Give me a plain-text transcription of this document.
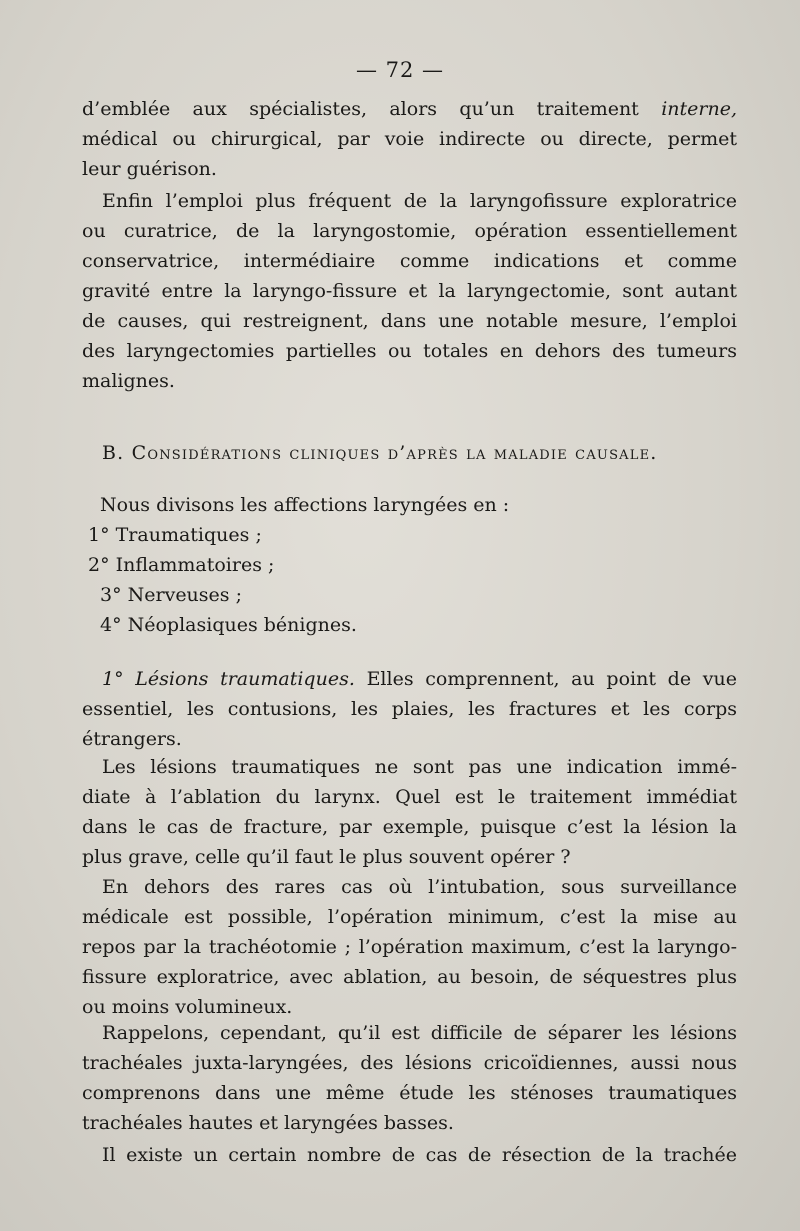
— 72 —
d’emblée aux spécialistes, alors qu’un traitement interne,
médical ou chirurgical, par voie indirecte ou directe, permet
leur guérison.
Enfin l’emploi plus fréquent de la laryngofissure exploratrice
ou curatrice, de la laryngostomie, opération essentiellement
conservatrice, intermédiaire comme indications et comme
gravité entre la laryngo-fissure et la laryngectomie, sont autant
de causes, qui restreignent, dans une notable mesure, l’emploi
des laryngectomies partielles ou totales en dehors des tumeurs
malignes.
B. Considérations cliniques d’après la maladie causale.
Nous divisons les affections laryngées en :
1° Traumatiques ;
2° Inflammatoires ;
3° Nerveuses ;
4° Néoplasiques bénignes.
1° Lésions traumatiques. Elles comprennent, au point de vue
essentiel, les contusions, les plaies, les fractures et les corps
étrangers.
Les lésions traumatiques ne sont pas une indication immé-
diate à l’ablation du larynx. Quel est le traitement immédiat
dans le cas de fracture, par exemple, puisque c’est la lésion la
plus grave, celle qu’il faut le plus souvent opérer ?
En dehors des rares cas où l’intubation, sous surveillance
médicale est possible, l’opération minimum, c’est la mise au
repos par la trachéotomie ; l’opération maximum, c’est la laryngo-
fissure exploratrice, avec ablation, au besoin, de séquestres plus
ou moins volumineux.
Rappelons, cependant, qu’il est difficile de séparer les lésions
trachéales juxta-laryngées, des lésions cricoïdiennes, aussi nous
comprenons dans une même étude les sténoses traumatiques
trachéales hautes et laryngées basses.
Il existe un certain nombre de cas de résection de la trachée
